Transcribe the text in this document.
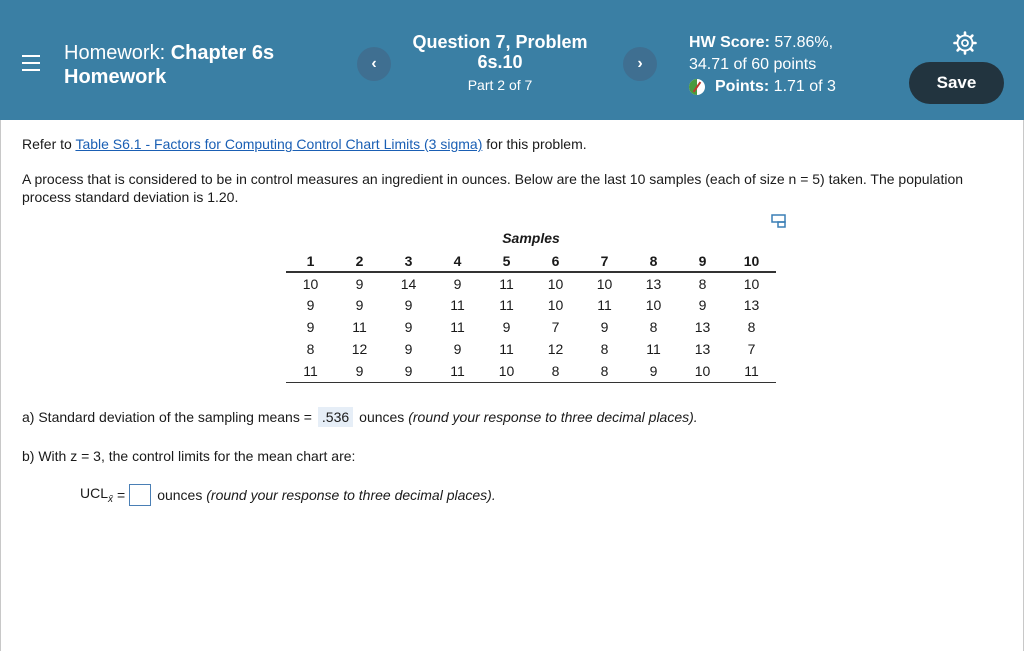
Homework: Chapter 6s
Homework
‹
Question 7, Problem
6s.10
Part 2 of 7
›
HW Score: 57.86%,
34.71 of 60 points
Points:
1.71 of 3	Save
Refer to Table S6.1 - Factors for Computing Control Chart Limits (3 sigma) for this problem.
A process that is considered to be in control measures an ingredient in ounces. Below are the last 10 samples (each of size n = 5) taken. The population process standard deviation is 1.20.
Samples									
1	2	3	4	5	6	7	8	9	10
10	9	14	9	11	10	10	13	8	10
9	9	9	11	11	10	11	10	9	13
9	11	9	11	9	7	9	8	13	8
8	12	9	9	11	12	8	11	13	7
11	9	9	11	10	8	8	9	10	11
a) Standard deviation of the sampling means = .536 ounces
(round your response to three decimal places).
b) With z = 3, the control limits for the mean chart are:
$UCL_{x̄}$ = ounces
(round your response to three decimal places).
